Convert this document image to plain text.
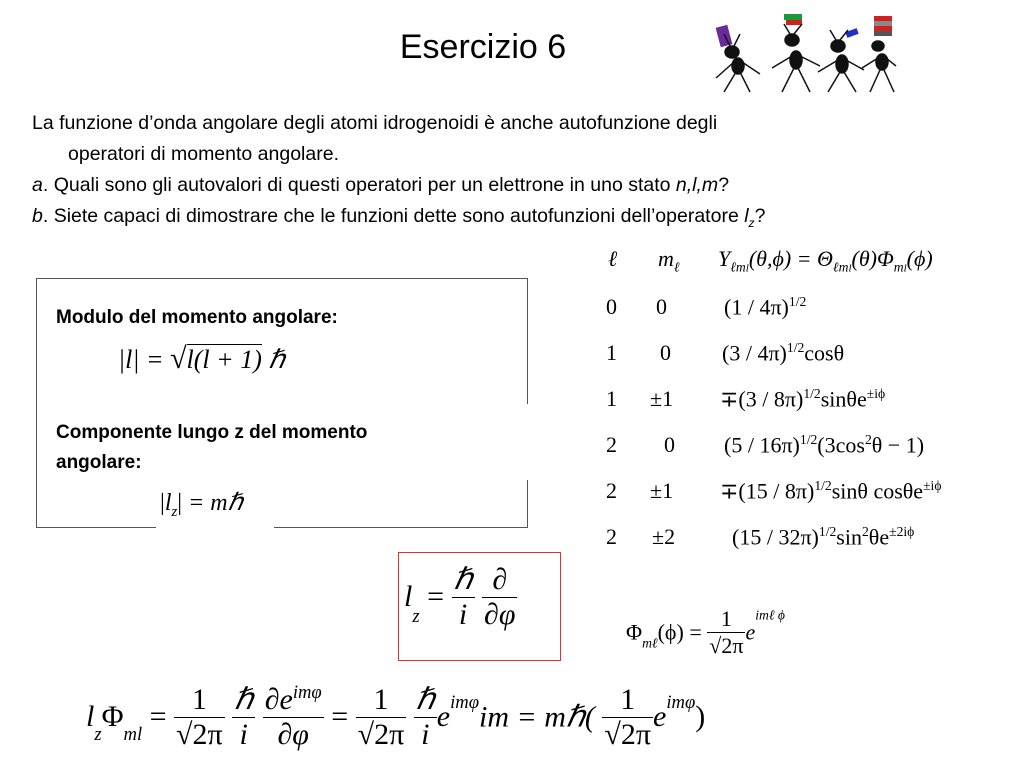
Esercizio 6

La funzione d’onda angolare degli atomi idrogenoidi è anche autofunzione degli

operatori di momento angolare.

a. Quali sono gli autovalori di questi operatori per un elettrone in uno stato n,l,m?

b. Siete capaci di dimostrare che le funzioni dette sono autofunzioni dell’operatore $l_z$?

Modulo del momento angolare:
|l| = √l(l + 1) ℏ
Componente lungo z del momento
angolare:
$|l_z|$ = mℏ
ℓ $m_\ell$ $Y_{\ell ml}(\theta,\phi) = \Theta_{\ell ml}(\theta)\Phi_{ml}(\phi)$
0 0	(1 / 4π)$^{1/2}$
1 0 (3 / 4π)$^{1/2}$cosθ
1 ±1 ∓(3 / 8π)$^{1/2}$sinθe$^{\pm i\phi}$
2 0 $(5 / 16\pi)^{1/2}(3\cos^2\theta - 1)$
2 ±1 ∓(15 / 8π)$^{1/2}$sinθ cosθe$^{\pm i\phi}$
2 ±2	$(15 / 32\pi)^{1/2}\sin^2\theta e^{\pm 2i\phi}$
$l_z = \frac{\text{ℏ}}{i}$
$\frac{\partial}{\partial\varphi}$
$\Phi_{m\ell}(\phi) = \frac{1}{√2\pi} e^{im\ell \phi}$
$l_z\Phi_{ml} = \frac{1}{√2\pi}$
$\frac{\text{ℏ}}{i}$
$\frac{\partial e^{im\varphi}}{\partial\varphi} = \frac{1}{√2\pi}$
$\frac{\text{ℏ}}{i} e^{im\varphi}im$ = mℏ( $\frac{1}{√2\pi} e^{im\varphi}$)
